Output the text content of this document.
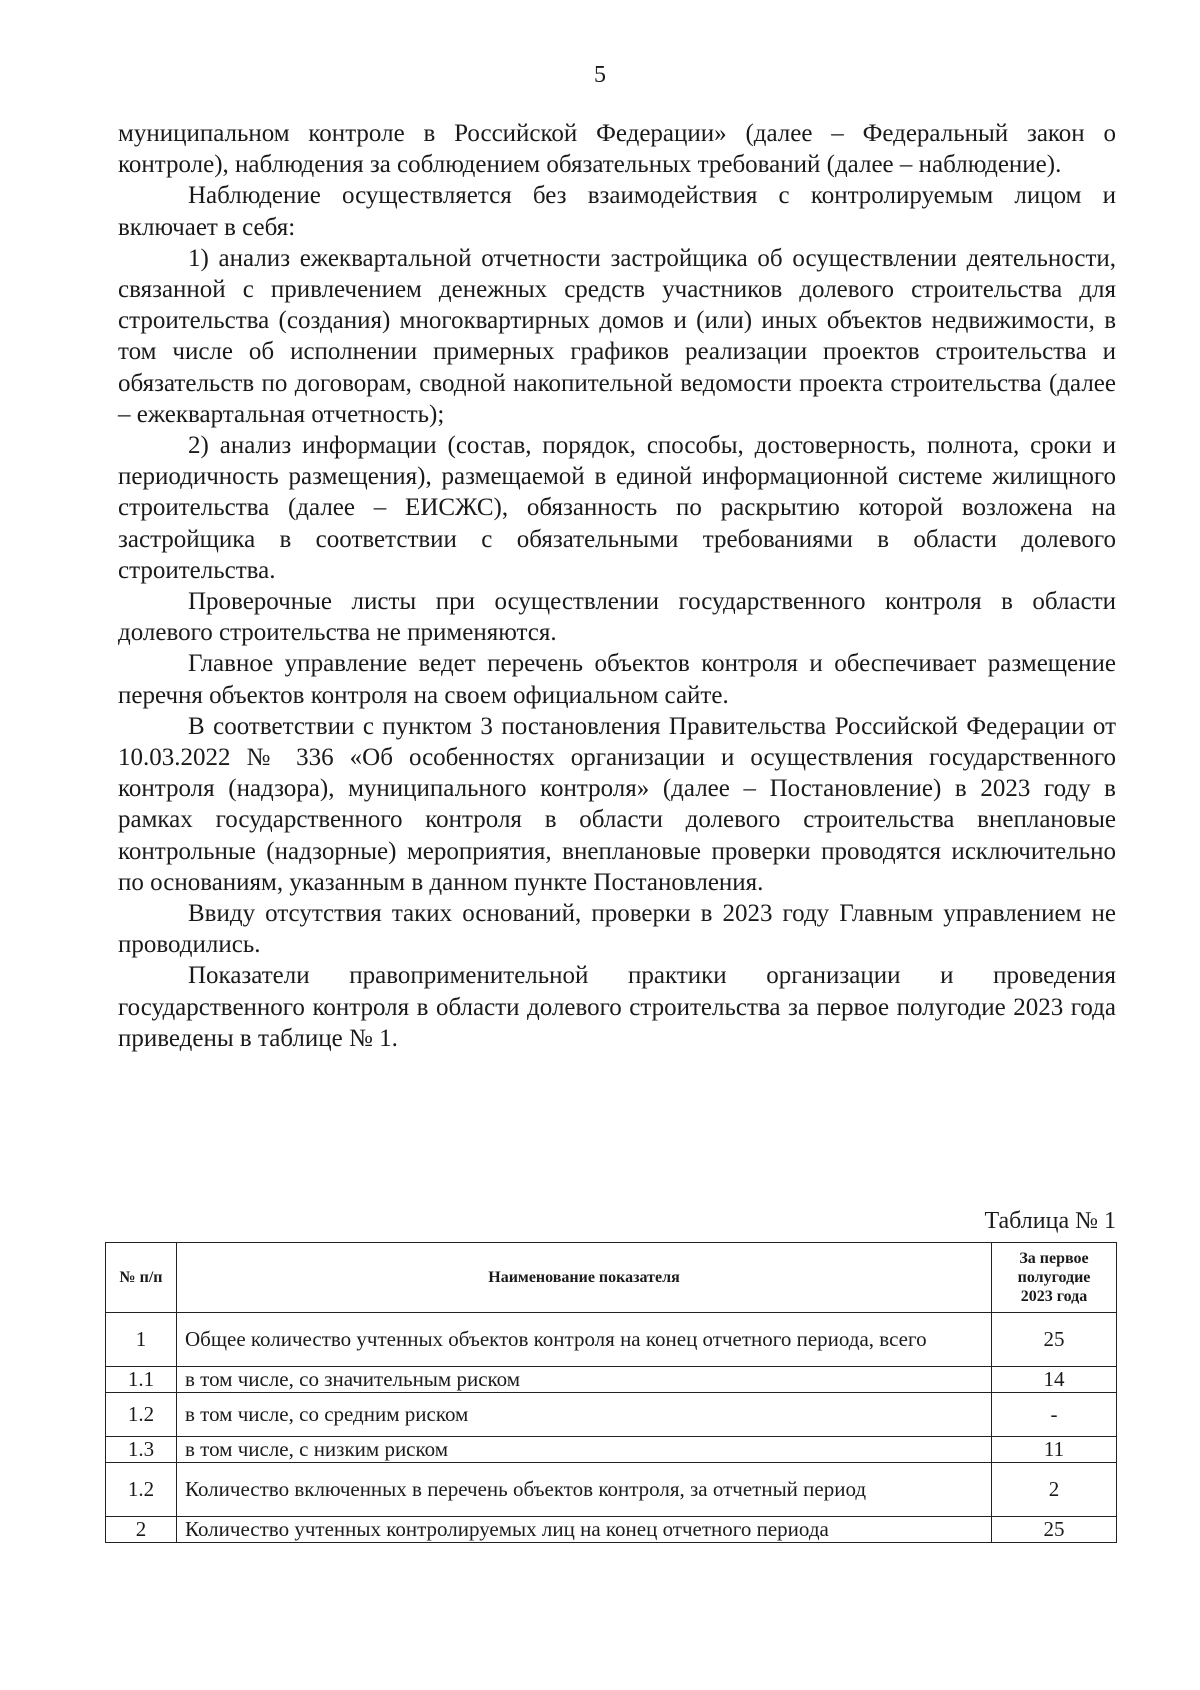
5

муниципальном контроле в Российской Федерации» (далее – Федеральный закон о контроле), наблюдения за соблюдением обязательных требований (далее – наблюдение).

Наблюдение осуществляется без взаимодействия с контролируемым лицом и включает в себя:

1) анализ ежеквартальной отчетности застройщика об осуществлении деятельности, связанной с привлечением денежных средств участников долевого строительства для строительства (создания) многоквартирных домов и (или) иных объектов недвижимости, в том числе об исполнении примерных графиков реализации проектов строительства и обязательств по договорам, сводной накопительной ведомости проекта строительства (далее – ежеквартальная отчетность);

2) анализ информации (состав, порядок, способы, достоверность, полнота, сроки и периодичность размещения), размещаемой в единой информационной системе жилищного строительства (далее – ЕИСЖС), обязанность по раскрытию которой возложена на застройщика в соответствии с обязательными требованиями в области долевого строительства.

Проверочные листы при осуществлении государственного контроля в области долевого строительства не применяются.

Главное управление ведет перечень объектов контроля и обеспечивает размещение перечня объектов контроля на своем официальном сайте.

В соответствии с пунктом 3 постановления Правительства Российской Федерации от 10.03.2022 № 336 «Об особенностях организации и осуществления государственного контроля (надзора), муниципального контроля» (далее – Постановление) в 2023 году в рамках государственного контроля в области долевого строительства внеплановые контрольные (надзорные) мероприятия, внеплановые проверки проводятся исключительно по основаниям, указанным в данном пункте Постановления.

Ввиду отсутствия таких оснований, проверки в 2023 году Главным управлением не проводились.

Показатели правоприменительной практики организации и проведения государственного контроля в области долевого строительства за первое полугодие 2023 года приведены в таблице № 1.

Таблица № 1
№ п/п	Наименование показателя	За первое полугодие 2023 года
1	Общее количество учтенных объектов контроля на конец отчетного периода, всего	25
1.1	в том числе, со значительным риском	14
1.2	в том числе, со средним риском	-
1.3	в том числе, с низким риском	11
1.2	Количество включенных в перечень объектов контроля, за отчетный период	2
2	Количество учтенных контролируемых лиц на конец отчетного периода	25
